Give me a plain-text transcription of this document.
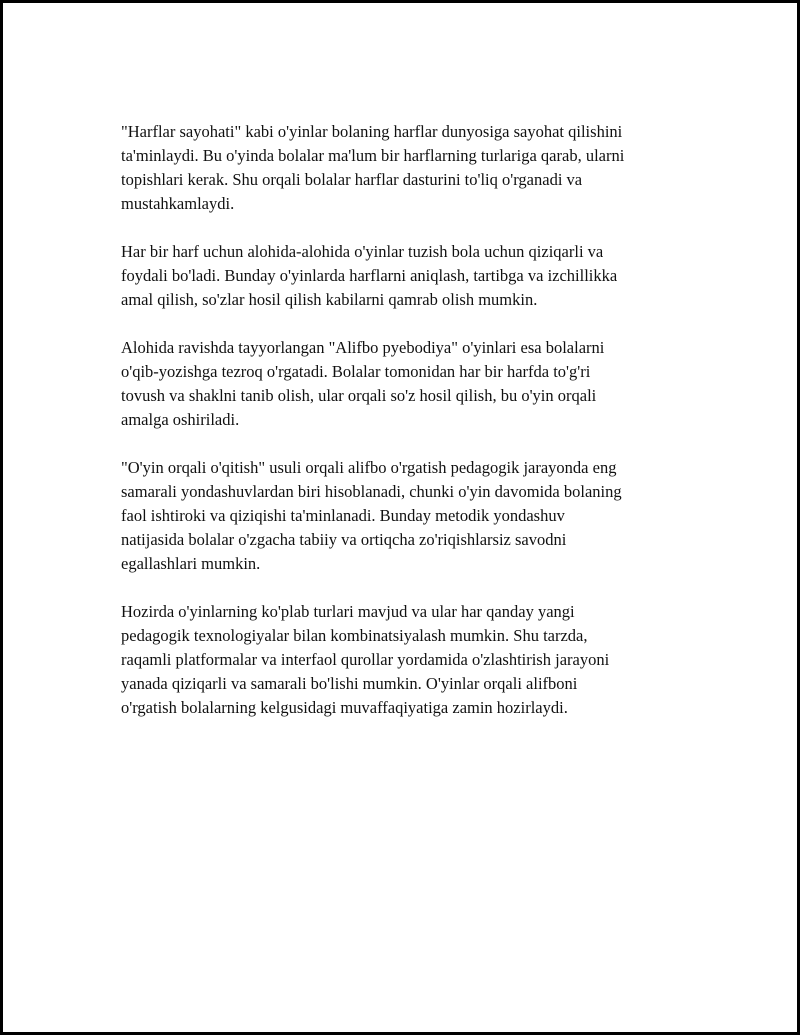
"Harflar sayohati" kabi o'yinlar bolaning harflar dunyosiga sayohat qilishini
ta'minlaydi. Bu o'yinda bolalar ma'lum bir harflarning turlariga qarab, ularni
topishlari kerak. Shu orqali bolalar harflar dasturini to'liq o'rganadi va
mustahkamlaydi.

Har bir harf uchun alohida-alohida o'yinlar tuzish bola uchun qiziqarli va
foydali bo'ladi. Bunday o'yinlarda harflarni aniqlash, tartibga va izchillikka
amal qilish, so'zlar hosil qilish kabilarni qamrab olish mumkin.

Alohida ravishda tayyorlangan "Alifbo pyebodiya" o'yinlari esa bolalarni
o'qib-yozishga tezroq o'rgatadi. Bolalar tomonidan har bir harfda to'g'ri
tovush va shaklni tanib olish, ular orqali so'z hosil qilish, bu o'yin orqali
amalga oshiriladi.

"O'yin orqali o'qitish" usuli orqali alifbo o'rgatish pedagogik jarayonda eng
samarali yondashuvlardan biri hisoblanadi, chunki o'yin davomida bolaning
faol ishtiroki va qiziqishi ta'minlanadi. Bunday metodik yondashuv
natijasida bolalar o'zgacha tabiiy va ortiqcha zo'riqishlarsiz savodni
egallashlari mumkin.

Hozirda o'yinlarning ko'plab turlari mavjud va ular har qanday yangi
pedagogik texnologiyalar bilan kombinatsiyalash mumkin. Shu tarzda,
raqamli platformalar va interfaol qurollar yordamida o'zlashtirish jarayoni
yanada qiziqarli va samarali bo'lishi mumkin. O'yinlar orqali alifboni
o'rgatish bolalarning kelgusidagi muvaffaqiyatiga zamin hozirlaydi.
